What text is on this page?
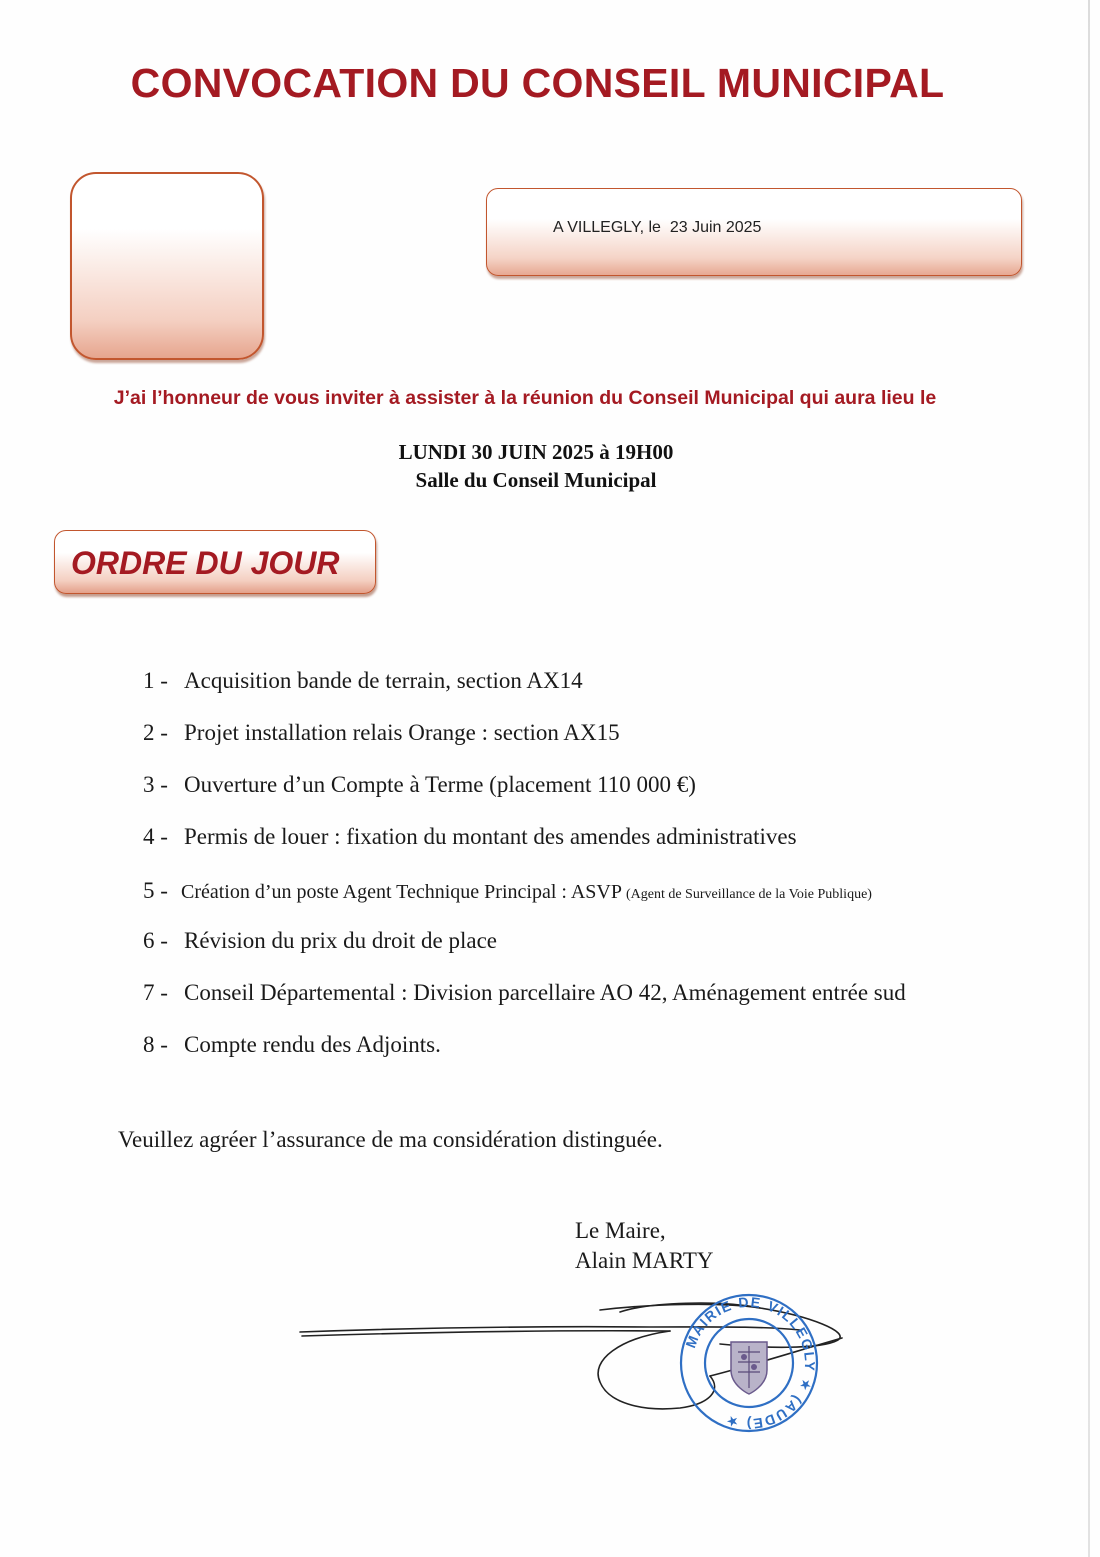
CONVOCATION DU CONSEIL MUNICIPAL
A VILLEGLY, le  23 Juin 2025
J’ai l’honneur de vous inviter à assister à la réunion du Conseil Municipal qui aura lieu le
LUNDI 30 JUIN 2025 à 19H00
Salle du Conseil Municipal
ORDRE DU JOUR
1 - Acquisition bande de terrain, section AX14
2 - Projet installation relais Orange : section AX15
3 - Ouverture d’un Compte à Terme (placement 110 000 €)
4 - Permis de louer : fixation du montant des amendes administratives
5 - Création d’un poste Agent Technique Principal : ASVP (Agent de Surveillance de la Voie Publique)
6 - Révision du prix du droit de place
7 - Conseil Départemental : Division parcellaire AO 42, Aménagement entrée sud
8 - Compte rendu des Adjoints.
Veuillez agréer l’assurance de ma considération distinguée.
Le Maire,
Alain MARTY
MAIRIE DE VILLEGLY ★ (AUDE) ★
